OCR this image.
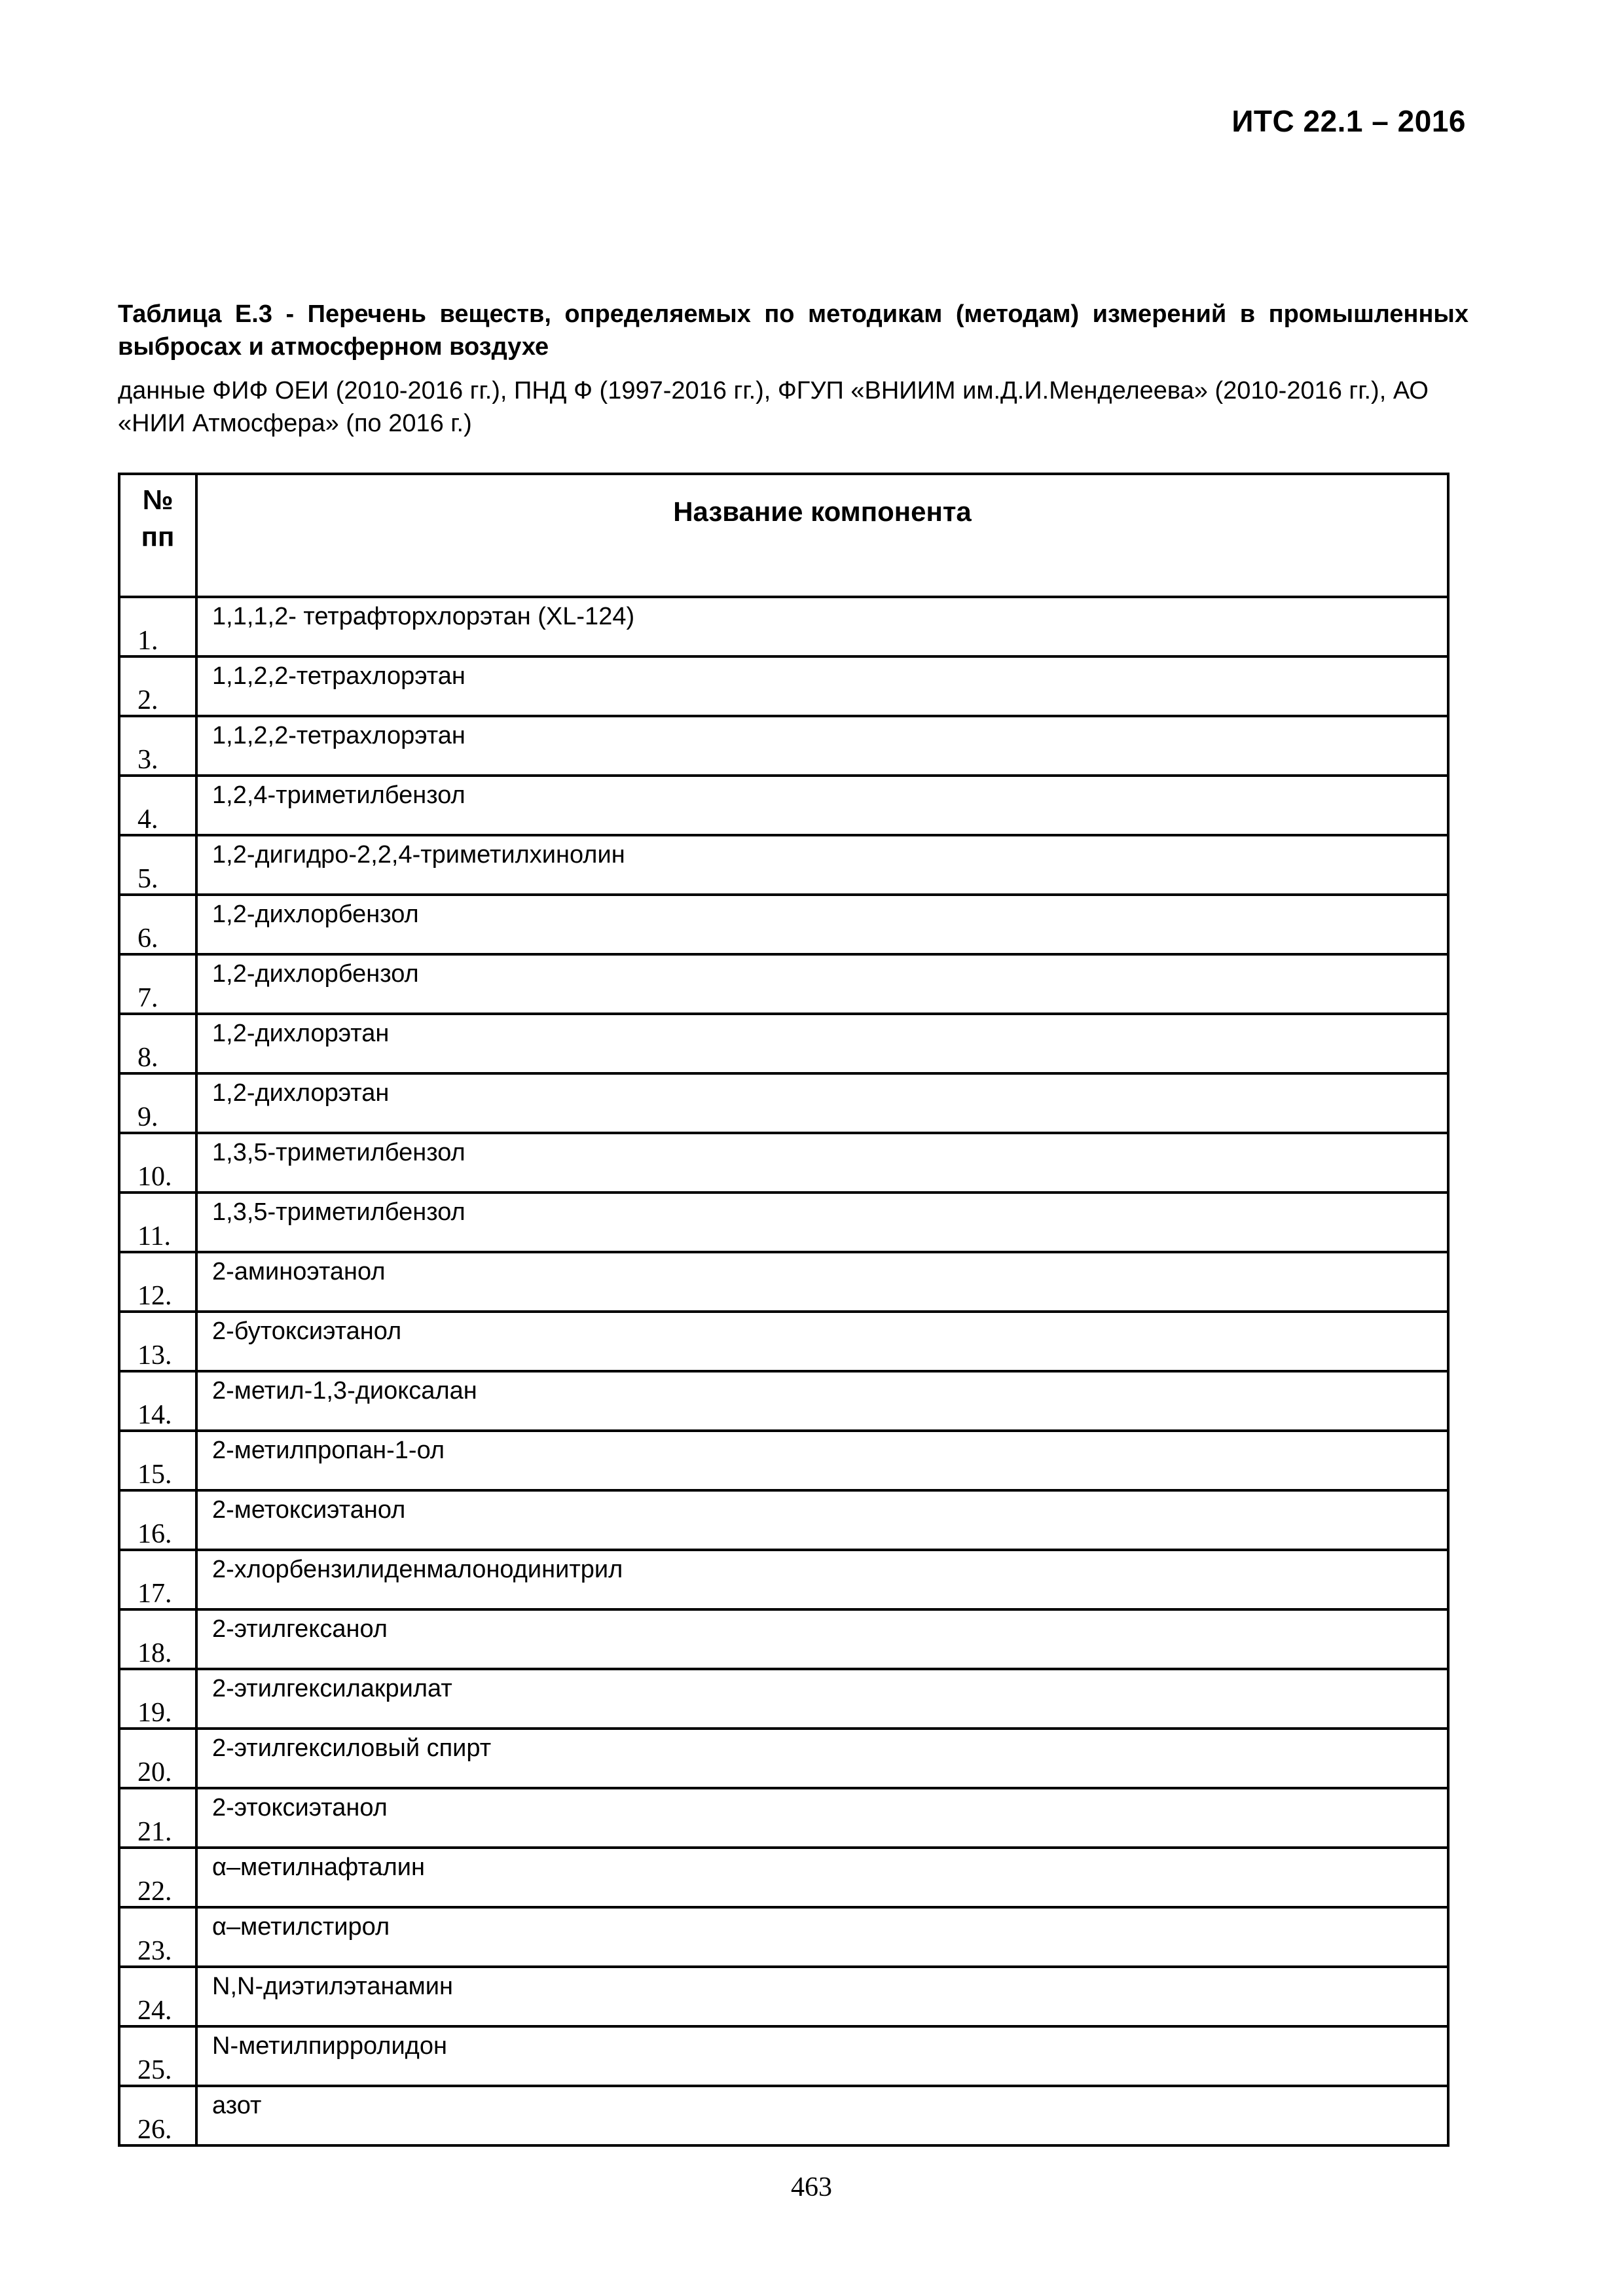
ИТС 22.1 – 2016
Таблица Е.3 - Перечень веществ, определяемых по методикам (методам) измерений в промышленных выбросах и атмосферном воздухе
данные ФИФ ОЕИ (2010-2016 гг.), ПНД Ф (1997-2016 гг.), ФГУП «ВНИИМ им.Д.И.Менделеева» (2010-2016 гг.), АО «НИИ Атмосфера» (по 2016 г.)
№
пп	Название компонента
1.	1,1,1,2- тетрафторхлорэтан (XL-124)
2.	1,1,2,2-тетрахлорэтан
3.	1,1,2,2-тетрахлорэтан
4.	1,2,4-триметилбензол
5.	1,2-дигидро-2,2,4-триметилхинолин
6.	1,2-дихлорбензол
7.	1,2-дихлорбензол
8.	1,2-дихлорэтан
9.	1,2-дихлорэтан
10.	1,3,5-триметилбензол
11.	1,3,5-триметилбензол
12.	2-аминоэтанол
13.	2-бутоксиэтанол
14.	2-метил-1,3-диоксалан
15.	2-метилпропан-1-ол
16.	2-метоксиэтанол
17.	2-хлорбензилиденмалонодинитрил
18.	2-этилгексанол
19.	2-этилгексилакрилат
20.	2-этилгексиловый спирт
21.	2-этоксиэтанол
22.	α–метилнафталин
23.	α–метилстирол
24.	N,N-диэтилэтанамин
25.	N-метилпирролидон
26.	азот
463
